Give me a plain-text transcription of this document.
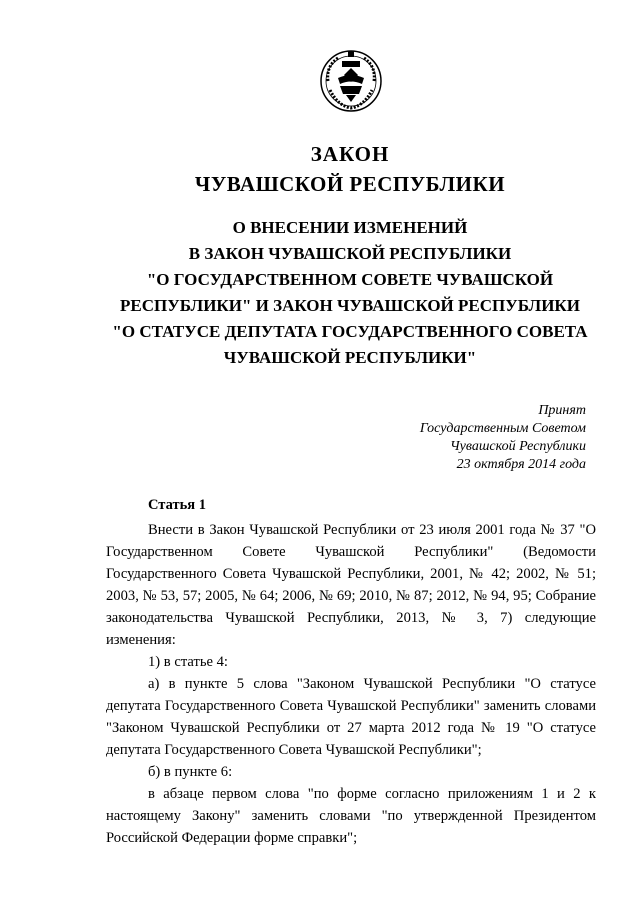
ЗАКОН
ЧУВАШСКОЙ РЕСПУБЛИКИ
О ВНЕСЕНИИ ИЗМЕНЕНИЙ
В ЗАКОН ЧУВАШСКОЙ РЕСПУБЛИКИ
"О ГОСУДАРСТВЕННОМ СОВЕТЕ ЧУВАШСКОЙ
РЕСПУБЛИКИ" И ЗАКОН ЧУВАШСКОЙ РЕСПУБЛИКИ
"О СТАТУСЕ ДЕПУТАТА ГОСУДАРСТВЕННОГО СОВЕТА
ЧУВАШСКОЙ РЕСПУБЛИКИ"
Принят
Государственным Советом
Чувашской Республики
23 октября 2014 года
Статья 1

Внести в Закон Чувашской Республики от 23 июля 2001 года № 37 "О Государственном Совете Чувашской Республики" (Ведомости Государственного Совета Чувашской Республики, 2001, № 42; 2002, № 51; 2003, № 53, 57; 2005, № 64; 2006, № 69; 2010, № 87; 2012, № 94, 95; Собрание законодательства Чувашской Республики, 2013, № 3, 7) следующие изменения:

1) в статье 4:

а) в пункте 5 слова "Законом Чувашской Республики "О статусе депутата Государственного Совета Чувашской Республики" заменить словами "Законом Чувашской Республики от 27 марта 2012 года № 19 "О статусе депутата Государственного Совета Чувашской Республики";

б) в пункте 6:

в абзаце первом слова "по форме согласно приложениям 1 и 2 к настоящему Закону" заменить словами "по утвержденной Президентом Российской Федерации форме справки";
